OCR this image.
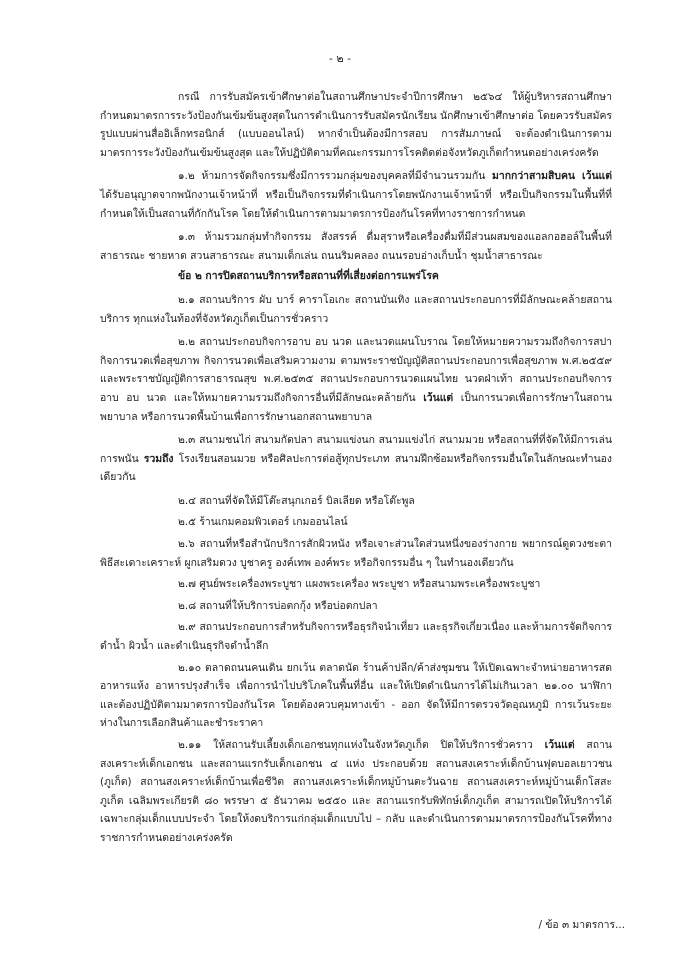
- ๒ -

กรณี การรับสมัครเข้าศึกษาต่อในสถานศึกษาประจำปีการศึกษา ๒๕๖๔ ให้ผู้บริหารสถานศึกษากำหนดมาตรการระวังป้องกันเข้มข้นสูงสุดในการดำเนินการรับสมัครนักเรียน นักศึกษาเข้าศึกษาต่อ โดยควรรับสมัครรูปแบบผ่านสื่ออิเล็กทรอนิกส์ (แบบออนไลน์) หากจำเป็นต้องมีการสอบ การสัมภาษณ์ จะต้องดำเนินการตามมาตรการระวังป้องกันเข้มข้นสูงสุด และให้ปฏิบัติตามที่คณะกรรมการโรคติดต่อจังหวัดภูเก็ตกำหนดอย่างเคร่งครัด

๑.๒ ห้ามการจัดกิจกรรมซึ่งมีการรวมกลุ่มของบุคคลที่มีจำนวนรวมกัน มากกว่าสามสิบคน เว้นแต่ ได้รับอนุญาตจากพนักงานเจ้าหน้าที่ หรือเป็นกิจกรรมที่ดำเนินการโดยพนักงานเจ้าหน้าที่ หรือเป็นกิจกรรมในพื้นที่ที่กำหนดให้เป็นสถานที่กักกันโรค โดยให้ดำเนินการตามมาตรการป้องกันโรคที่ทางราชการกำหนด

๑.๓ ห้ามรวมกลุ่มทำกิจกรรม สังสรรค์ ดื่มสุราหรือเครื่องดื่มที่มีส่วนผสมของแอลกอฮอล์ในพื้นที่สาธารณะ ชายหาด สวนสาธารณะ สนามเด็กเล่น ถนนริมคลอง ถนนรอบอ่างเก็บน้ำ ชุมน้ำสาธารณะ

ข้อ ๒ การปิดสถานบริการหรือสถานที่ที่เสี่ยงต่อการแพร่โรค

๒.๑ สถานบริการ ผับ บาร์ คาราโอเกะ สถานบันเทิง และสถานประกอบการที่มีลักษณะคล้ายสถานบริการ ทุกแห่งในท้องที่จังหวัดภูเก็ตเป็นการชั่วคราว

๒.๒ สถานประกอบกิจการอาบ อบ นวด และนวดแผนโบราณ โดยให้หมายความรวมถึงกิจการสปา กิจการนวดเพื่อสุขภาพ กิจการนวดเพื่อเสริมความงาม ตามพระราชบัญญัติสถานประกอบการเพื่อสุขภาพ พ.ศ.๒๕๕๙ และพระราชบัญญัติการสาธารณสุข พ.ศ.๒๕๓๕ สถานประกอบการนวดแผนไทย นวดฝ่าเท้า สถานประกอบกิจการอาบ อบ นวด และให้หมายความรวมถึงกิจการอื่นที่มีลักษณะคล้ายกัน เว้นแต่ เป็นการนวดเพื่อการรักษาในสถานพยาบาล หรือการนวดพื้นบ้านเพื่อการรักษานอกสถานพยาบาล

๒.๓ สนามชนไก่ สนามกัดปลา สนามแข่งนก สนามแข่งไก่ สนามมวย หรือสถานที่ที่จัดให้มีการเล่นการพนัน รวมถึง โรงเรียนสอนมวย หรือศิลปะการต่อสู้ทุกประเภท สนามฝึกซ้อมหรือกิจกรรมอื่นใดในลักษณะทำนองเดียวกัน

๒.๔ สถานที่จัดให้มีโต๊ะสนุกเกอร์ บิลเลียด หรือโต๊ะพูล

๒.๕ ร้านเกมคอมพิวเตอร์ เกมออนไลน์

๒.๖ สถานที่หรือสำนักบริการสักผิวหนัง หรือเจาะส่วนใดส่วนหนึ่งของร่างกาย พยากรณ์ดูดวงชะตา พิธีสะเดาะเคราะห์ ผูกเสริมดวง บูชาครู องค์เทพ องค์พระ หรือกิจกรรมอื่น ๆ ในทำนองเดียวกัน

๒.๗ ศูนย์พระเครื่องพระบูชา แผงพระเครื่อง พระบูชา หรือสนามพระเครื่องพระบูชา

๒.๘ สถานที่ให้บริการบ่อตกกุ้ง หรือบ่อตกปลา

๒.๙ สถานประกอบการสำหรับกิจการหรือธุรกิจนำเที่ยว และธุรกิจเกี่ยวเนื่อง และห้ามการจัดกิจการดำน้ำ ผิวน้ำ และดำเนินธุรกิจดำน้ำลึก

๒.๑๐ ตลาดถนนคนเดิน ยกเว้น ตลาดนัด ร้านค้าปลีก/ค้าส่งชุมชน ให้เปิดเฉพาะจำหน่ายอาหารสด อาหารแห้ง อาหารปรุงสำเร็จ เพื่อการนำไปบริโภคในพื้นที่อื่น และให้เปิดดำเนินการได้ไม่เกินเวลา ๒๑.๐๐ นาฬิกา และต้องปฏิบัติตามมาตรการป้องกันโรค โดยต้องควบคุมทางเข้า - ออก จัดให้มีการตรวจวัดอุณหภูมิ การเว้นระยะห่างในการเลือกสินค้าและชำระราคา

๒.๑๑ ให้สถานรับเลี้ยงเด็กเอกชนทุกแห่งในจังหวัดภูเก็ต ปิดให้บริการชั่วคราว เว้นแต่ สถานสงเคราะห์เด็กเอกชน และสถานแรกรับเด็กเอกชน ๔ แห่ง ประกอบด้วย สถานสงเคราะห์เด็กบ้านฟุตบอลเยาวชน (ภูเก็ต) สถานสงเคราะห์เด็กบ้านเพื่อชีวิต สถานสงเคราะห์เด็กหมู่บ้านตะวันฉาย สถานสงเคราะห์หมู่บ้านเด็กโสสะภูเก็ต เฉลิมพระเกียรติ ๘๐ พรรษา ๕ ธันวาคม ๒๕๕๐ และ สถานแรกรับพิทักษ์เด็กภูเก็ต สามารถเปิดให้บริการได้เฉพาะกลุ่มเด็กแบบประจำ โดยให้งดบริการแก่กลุ่มเด็กแบบไป – กลับ และดำเนินการตามมาตรการป้องกันโรคที่ทางราชการกำหนดอย่างเคร่งครัด

/ ข้อ ๓ มาตรการ...
